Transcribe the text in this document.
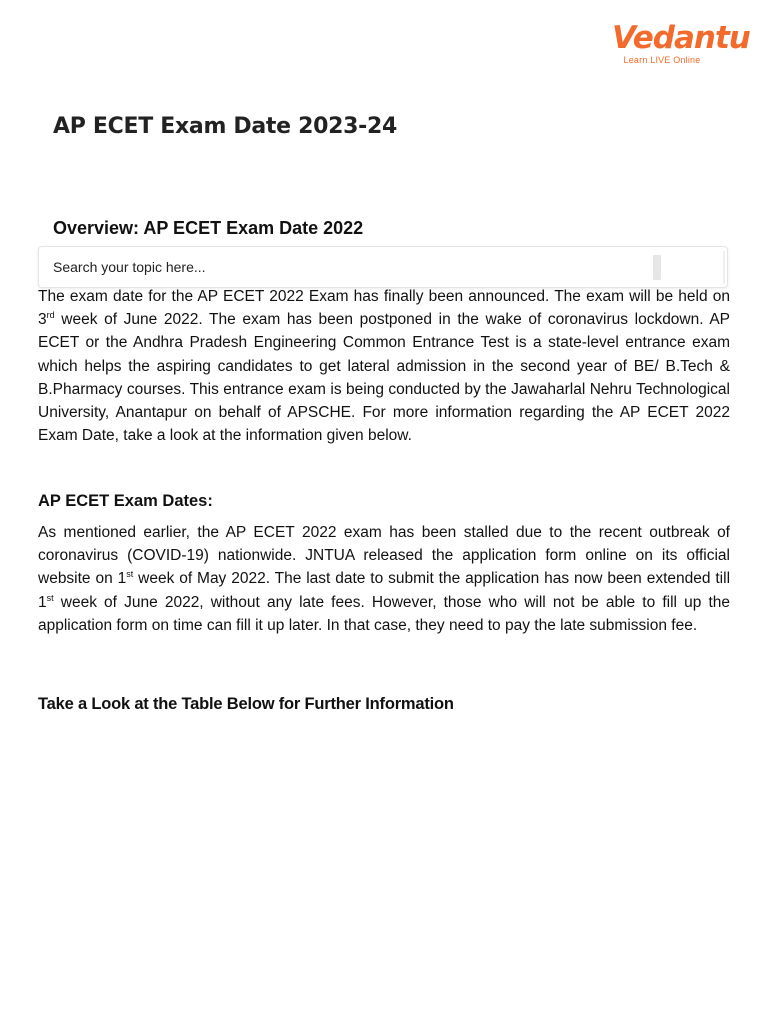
Vedantu
Learn LIVE Online
AP ECET Exam Date 2023-24
Overview: AP ECET Exam Date 2022
Search your topic here...

The exam date for the AP ECET 2022 Exam has finally been announced. The exam will be held on 3rd week of June 2022. The exam has been postponed in the wake of coronavirus lockdown. AP ECET or the Andhra Pradesh Engineering Common Entrance Test is a state-level entrance exam which helps the aspiring candidates to get lateral admission in the second year of BE/ B.Tech & B.Pharmacy courses. This entrance exam is being conducted by the Jawaharlal Nehru Technological University, Anantapur on behalf of APSCHE. For more information regarding the AP ECET 2022 Exam Date, take a look at the information given below.

AP ECET Exam Dates:

As mentioned earlier, the AP ECET 2022 exam has been stalled due to the recent outbreak of coronavirus (COVID-19) nationwide. JNTUA released the application form online on its official website on 1st week of May 2022. The last date to submit the application has now been extended till 1st week of June 2022, without any late fees. However, those who will not be able to fill up the application form on time can fill it up later. In that case, they need to pay the late submission fee.

Take a Look at the Table Below for Further Information
